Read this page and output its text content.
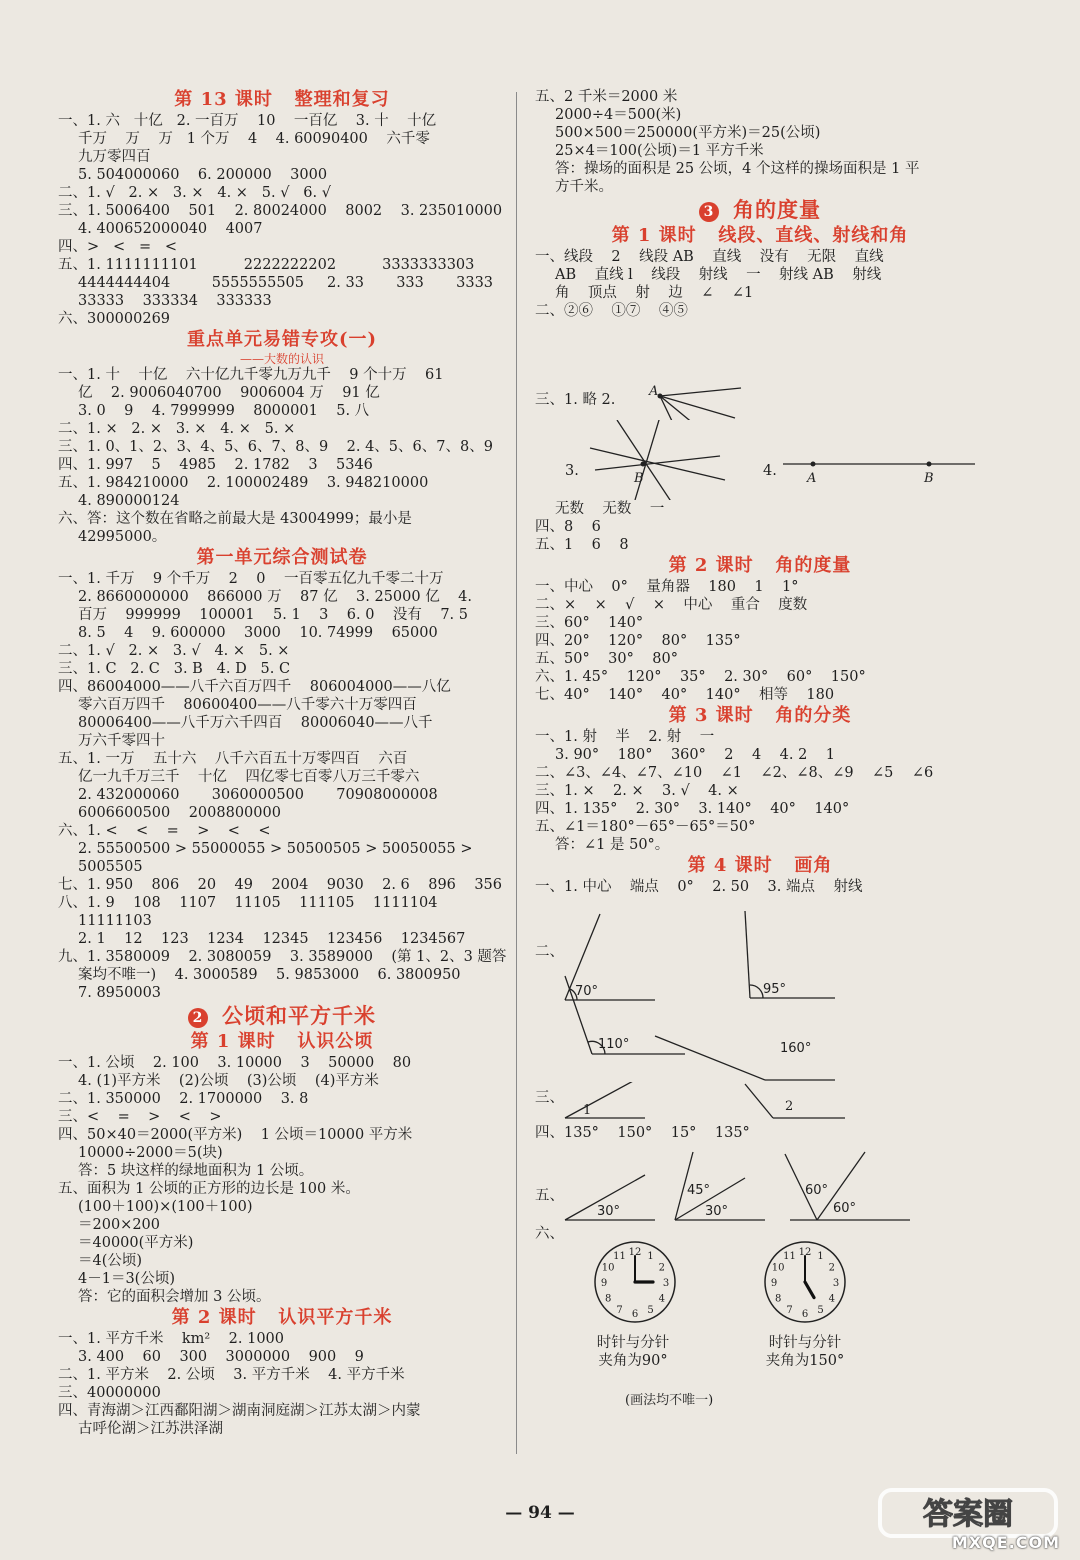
第 13 课时   整理和复习
一、1. 六   十亿   2. 一百万    10    一百亿    3. 十    十亿
千万    万    万   1 个万    4    4. 60090400    六千零
九万零四百
5. 504000060    6. 200000    3000
二、1. √   2. ×   3. ×   4. ×   5. √   6. √
三、1. 5006400    501    2. 80024000    8002    3. 235010000
4. 400652000040    4007
四、>   <   =   <
五、1. 1111111101          2222222202          3333333303
4444444404         5555555505     2. 33       333       3333
33333    333334    333333
六、300000269
重点单元易错专攻(一)
——大数的认识
一、1. 十    十亿    六十亿九千零九万九千    9 个十万    61
亿    2. 9006040700    9006004 万    91 亿
3. 0    9    4. 7999999    8000001    5. 八
二、1. ×   2. ×   3. ×   4. ×   5. ×
三、1. 0、1、2、3、4、5、6、7、8、9    2. 4、5、6、7、8、9
四、1. 997    5    4985    2. 1782    3    5346
五、1. 984210000    2. 100002489    3. 948210000
4. 890000124
六、答：这个数在省略之前最大是 43004999；最小是
42995000。
第一单元综合测试卷
一、1. 千万    9 个千万    2    0    一百零五亿九千零二十万
2. 8660000000    866000 万    87 亿    3. 25000 亿    4.
百万    999999    100001    5. 1    3    6. 0    没有    7. 5
8. 5    4    9. 600000    3000    10. 74999    65000
二、1. √   2. ×   3. √   4. ×   5. ×
三、1. C   2. C   3. B   4. D   5. C
四、86004000——八千六百万四千    806004000——八亿
零六百万四千    80600400——八千零六十万零四百
80006400——八千万六千四百    80006040——八千
万六千零四十
五、1. 一万    五十六    八千六百五十万零四百    六百
亿一九千万三千    十亿    四亿零七百零八万三千零六
2. 432000060       3060000500       70908000008
6006600500    2008800000
六、1. <    <    =    >    <    <
2. 55500500 > 55000055 > 50500505 > 50050055 >
5005505
七、1. 950    806    20    49    2004    9030    2. 6    896    356
八、1. 9    108    1107    11105    111105    1111104
11111103
2. 1    12    123    1234    12345    123456    1234567
九、1. 3580009    2. 3080059    3. 3589000    (第 1、2、3 题答
案均不唯一)    4. 3000589    5. 9853000    6. 3800950
7. 8950003
2 公顷和平方千米
第 1 课时   认识公顷
一、1. 公顷    2. 100    3. 10000    3    50000    80
4. (1)平方米    (2)公顷    (3)公顷    (4)平方米
二、1. 350000    2. 1700000    3. 8
三、<    =    >    <    >
四、50×40＝2000(平方米)    1 公顷＝10000 平方米
10000÷2000＝5(块)
答：5 块这样的绿地面积为 1 公顷。
五、面积为 1 公顷的正方形的边长是 100 米。
(100＋100)×(100＋100)
＝200×200
＝40000(平方米)
＝4(公顷)
4－1＝3(公顷)
答：它的面积会增加 3 公顷。
第 2 课时   认识平方千米
一、1. 平方千米    km²    2. 1000
3. 400    60    300    3000000    900    9
二、1. 平方米    2. 公顷    3. 平方千米    4. 平方千米
三、40000000
四、青海湖＞江西鄱阳湖＞湖南洞庭湖＞江苏太湖＞内蒙
古呼伦湖＞江苏洪泽湖
五、2 千米＝2000 米
2000÷4＝500(米)
500×500＝250000(平方米)＝25(公顷)
25×4＝100(公顷)＝1 平方千米
答：操场的面积是 25 公顷，4 个这样的操场面积是 1 平
方千米。
3 角的度量
第 1 课时   线段、直线、射线和角
一、线段    2    线段 AB    直线    没有    无限    直线
AB    直线 l    线段    射线    一    射线 AB    射线
角    顶点    射    边    ∠    ∠1
二、②⑥    ①⑦    ④⑤
三、1. 略 2.
A
3.	B	4. A	B
无数    无数    一
四、8    6
五、1    6    8
第 2 课时   角的度量
一、中心    0°    量角器    180    1    1°
二、×    ×    √    ×    中心    重合    度数
三、60°    140°
四、20°    120°    80°    135°
五、50°    30°    80°
六、1. 45°    120°    35°    2. 30°    60°    150°
七、40°    140°    40°    140°    相等    180
第 3 课时   角的分类
一、1. 射    半    2. 射    一
3. 90°    180°    360°    2    4    4. 2    1
二、∠3、∠4、∠7、∠10    ∠1    ∠2、∠8、∠9    ∠5    ∠6
三、1. ×    2. ×    3. √    4. ×
四、1. 135°    2. 30°    3. 140°    40°    140°
五、∠1＝180°－65°－65°＝50°
答：∠1 是 50°。
第 4 课时   画角
一、1. 中心    端点    0°    2. 50    3. 端点    射线
二、
70°	95°
110°	160°
三、
1	2
四、135°    150°    15°    135°
五、
30°
45°
30°
60°
60°
六、
12 1
2
3
4
5
6
7
8
9
10
11	12 1
2
3
4
5
6
7
8
9
10
11
时针与分针
夹角为90°
时针与分针
夹角为150°
(画法均不唯一)
— 94 —	答案圈
MXQE.COM
